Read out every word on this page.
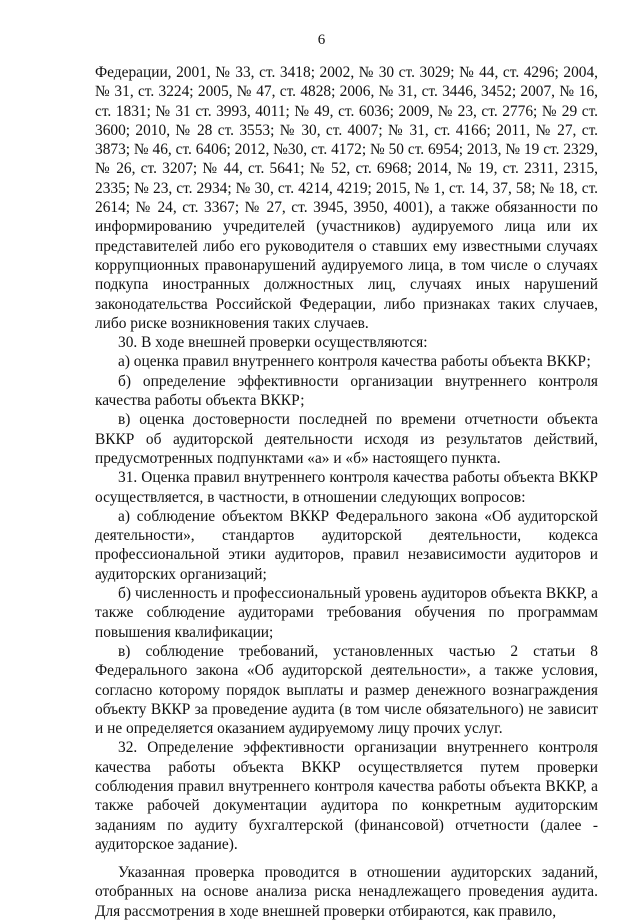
6

Федерации, 2001, № 33, ст. 3418; 2002, № 30 ст. 3029; № 44, ст. 4296; 2004, № 31, ст. 3224; 2005, № 47, ст. 4828; 2006, № 31, ст. 3446, 3452; 2007, № 16, ст. 1831; № 31 ст. 3993, 4011; № 49, ст. 6036; 2009, № 23, ст. 2776; № 29 ст. 3600; 2010, № 28 ст. 3553; № 30, ст. 4007; № 31, ст. 4166; 2011, № 27, ст. 3873; № 46, ст. 6406; 2012, №30, ст. 4172; № 50 ст. 6954; 2013, № 19 ст. 2329, № 26, ст. 3207; № 44, ст. 5641; № 52, ст. 6968; 2014, № 19, ст. 2311, 2315, 2335; № 23, ст. 2934; № 30, ст. 4214, 4219; 2015, № 1, ст. 14, 37, 58; № 18, ст. 2614; № 24, ст. 3367; № 27, ст. 3945, 3950, 4001), а также обязанности по информированию учредителей (участников) аудируемого лица или их представителей либо его руководителя о ставших ему известными случаях коррупционных правонарушений аудируемого лица, в том числе о случаях подкупа иностранных должностных лиц, случаях иных нарушений законодательства Российской Федерации, либо признаках таких случаев, либо риске возникновения таких случаев.

30. В ходе внешней проверки осуществляются:

а) оценка правил внутреннего контроля качества работы объекта ВККР;

б) определение эффективности организации внутреннего контроля качества работы объекта ВККР;

в) оценка достоверности последней по времени отчетности объекта ВККР об аудиторской деятельности исходя из результатов действий, предусмотренных подпунктами «а» и «б» настоящего пункта.

31. Оценка правил внутреннего контроля качества работы объекта ВККР осуществляется, в частности, в отношении следующих вопросов:

а) соблюдение объектом ВККР Федерального закона «Об аудиторской деятельности», стандартов аудиторской деятельности, кодекса профессиональной этики аудиторов, правил независимости аудиторов и аудиторских организаций;

б) численность и профессиональный уровень аудиторов объекта ВККР, а также соблюдение аудиторами требования обучения по программам повышения квалификации;

в) соблюдение требований, установленных частью 2 статьи 8 Федерального закона «Об аудиторской деятельности», а также условия, согласно которому порядок выплаты и размер денежного вознаграждения объекту ВККР за проведение аудита (в том числе обязательного) не зависит и не определяется оказанием аудируемому лицу прочих услуг.

32. Определение эффективности организации внутреннего контроля качества работы объекта ВККР осуществляется путем проверки соблюдения правил внутреннего контроля качества работы объекта ВККР, а также рабочей документации аудитора по конкретным аудиторским заданиям по аудиту бухгалтерской (финансовой) отчетности (далее - аудиторское задание).

Указанная проверка проводится в отношении аудиторских заданий, отобранных на основе анализа риска ненадлежащего проведения аудита. Для рассмотрения в ходе внешней проверки отбираются, как правило,
